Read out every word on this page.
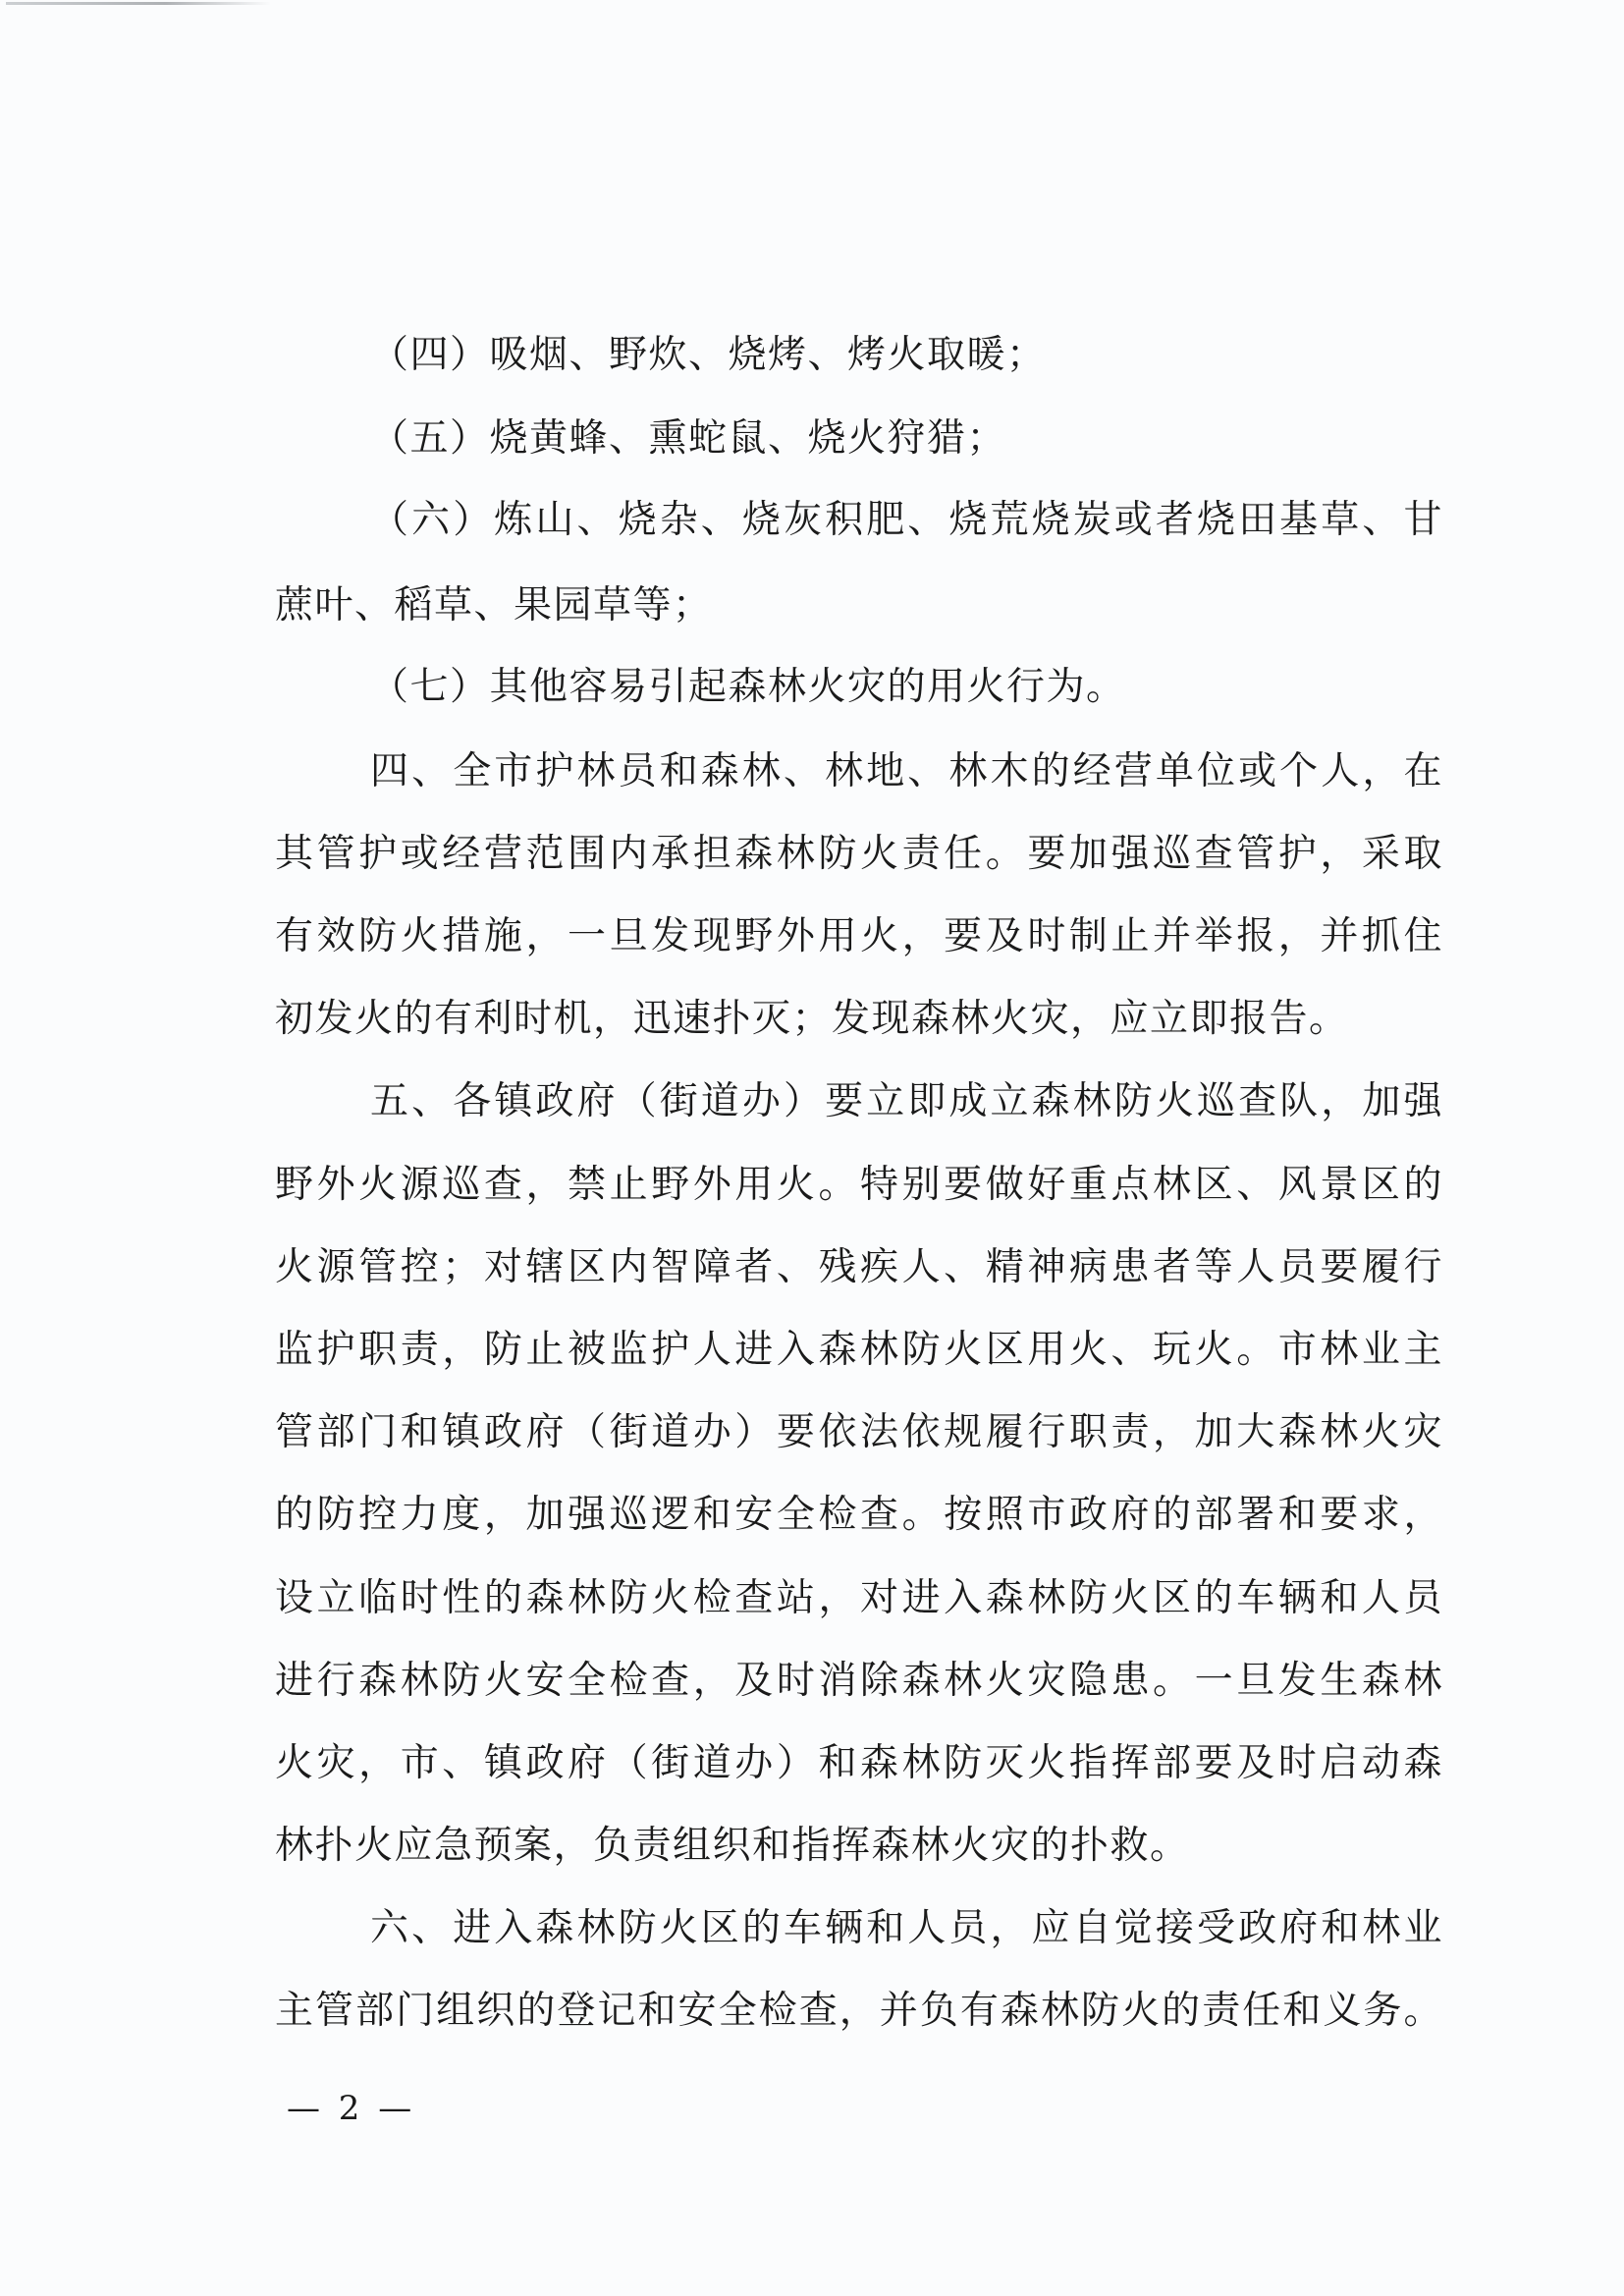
（四）吸烟、野炊、烧烤、烤火取暖；
（五）烧黄蜂、熏蛇鼠、烧火狩猎；
（六）炼山、烧杂、烧灰积肥、烧荒烧炭或者烧田基草、甘
蔗叶、稻草、果园草等；
（七）其他容易引起森林火灾的用火行为。
四、全市护林员和森林、林地、林木的经营单位或个人，在
其管护或经营范围内承担森林防火责任。要加强巡查管护，采取
有效防火措施，一旦发现野外用火，要及时制止并举报，并抓住
初发火的有利时机，迅速扑灭；发现森林火灾，应立即报告。
五、各镇政府（街道办）要立即成立森林防火巡查队，加强
野外火源巡查，禁止野外用火。特别要做好重点林区、风景区的
火源管控；对辖区内智障者、残疾人、精神病患者等人员要履行
监护职责，防止被监护人进入森林防火区用火、玩火。市林业主
管部门和镇政府（街道办）要依法依规履行职责，加大森林火灾
的防控力度，加强巡逻和安全检查。按照市政府的部署和要求，
设立临时性的森林防火检查站，对进入森林防火区的车辆和人员
进行森林防火安全检查，及时消除森林火灾隐患。一旦发生森林
火灾，市、镇政府（街道办）和森林防灭火指挥部要及时启动森
林扑火应急预案，负责组织和指挥森林火灾的扑救。
六、进入森林防火区的车辆和人员，应自觉接受政府和林业
主管部门组织的登记和安全检查，并负有森林防火的责任和义务。
— 2 —
